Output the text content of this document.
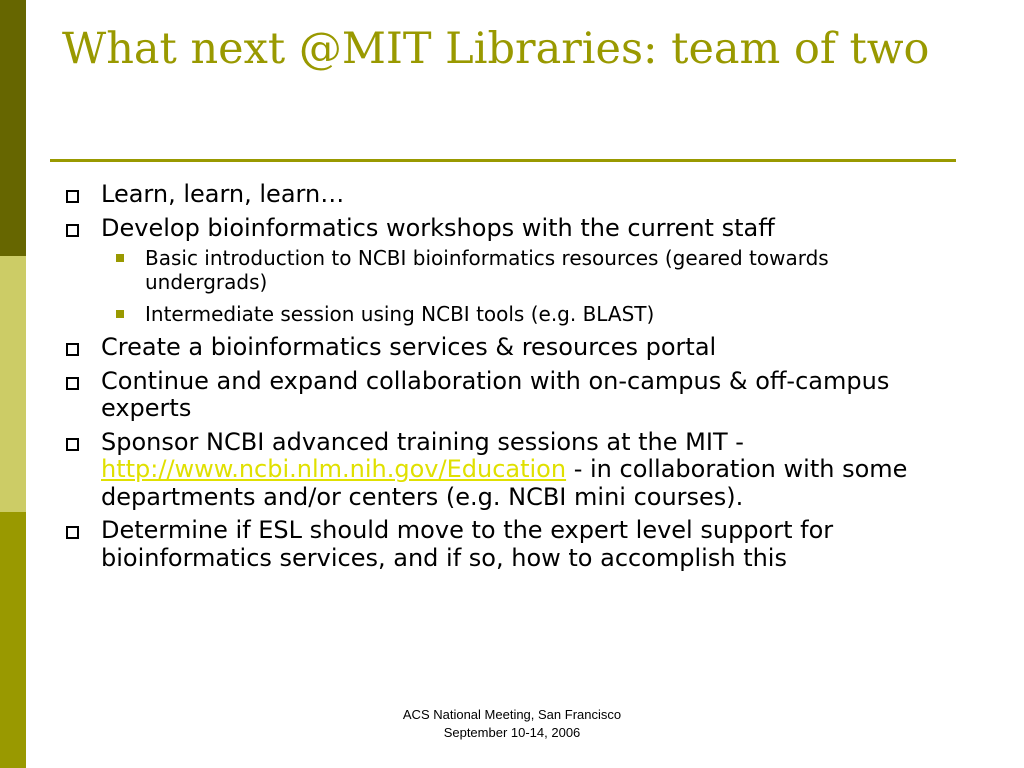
What next @MIT Libraries: team of two
Learn, learn, learn…
Develop bioinformatics workshops with the current staff
Basic introduction to NCBI bioinformatics resources (geared towards undergrads)
Intermediate session using NCBI tools (e.g. BLAST)
Create a bioinformatics services & resources portal
Continue and expand collaboration with on-campus & off-campus experts
Sponsor NCBI advanced training sessions at the MIT - http://www.ncbi.nlm.nih.gov/Education - in collaboration with some departments and/or centers (e.g. NCBI mini courses).
Determine if ESL should move to the expert level support for bioinformatics services, and if so, how to accomplish this
ACS National Meeting, San Francisco
September 10-14, 2006
